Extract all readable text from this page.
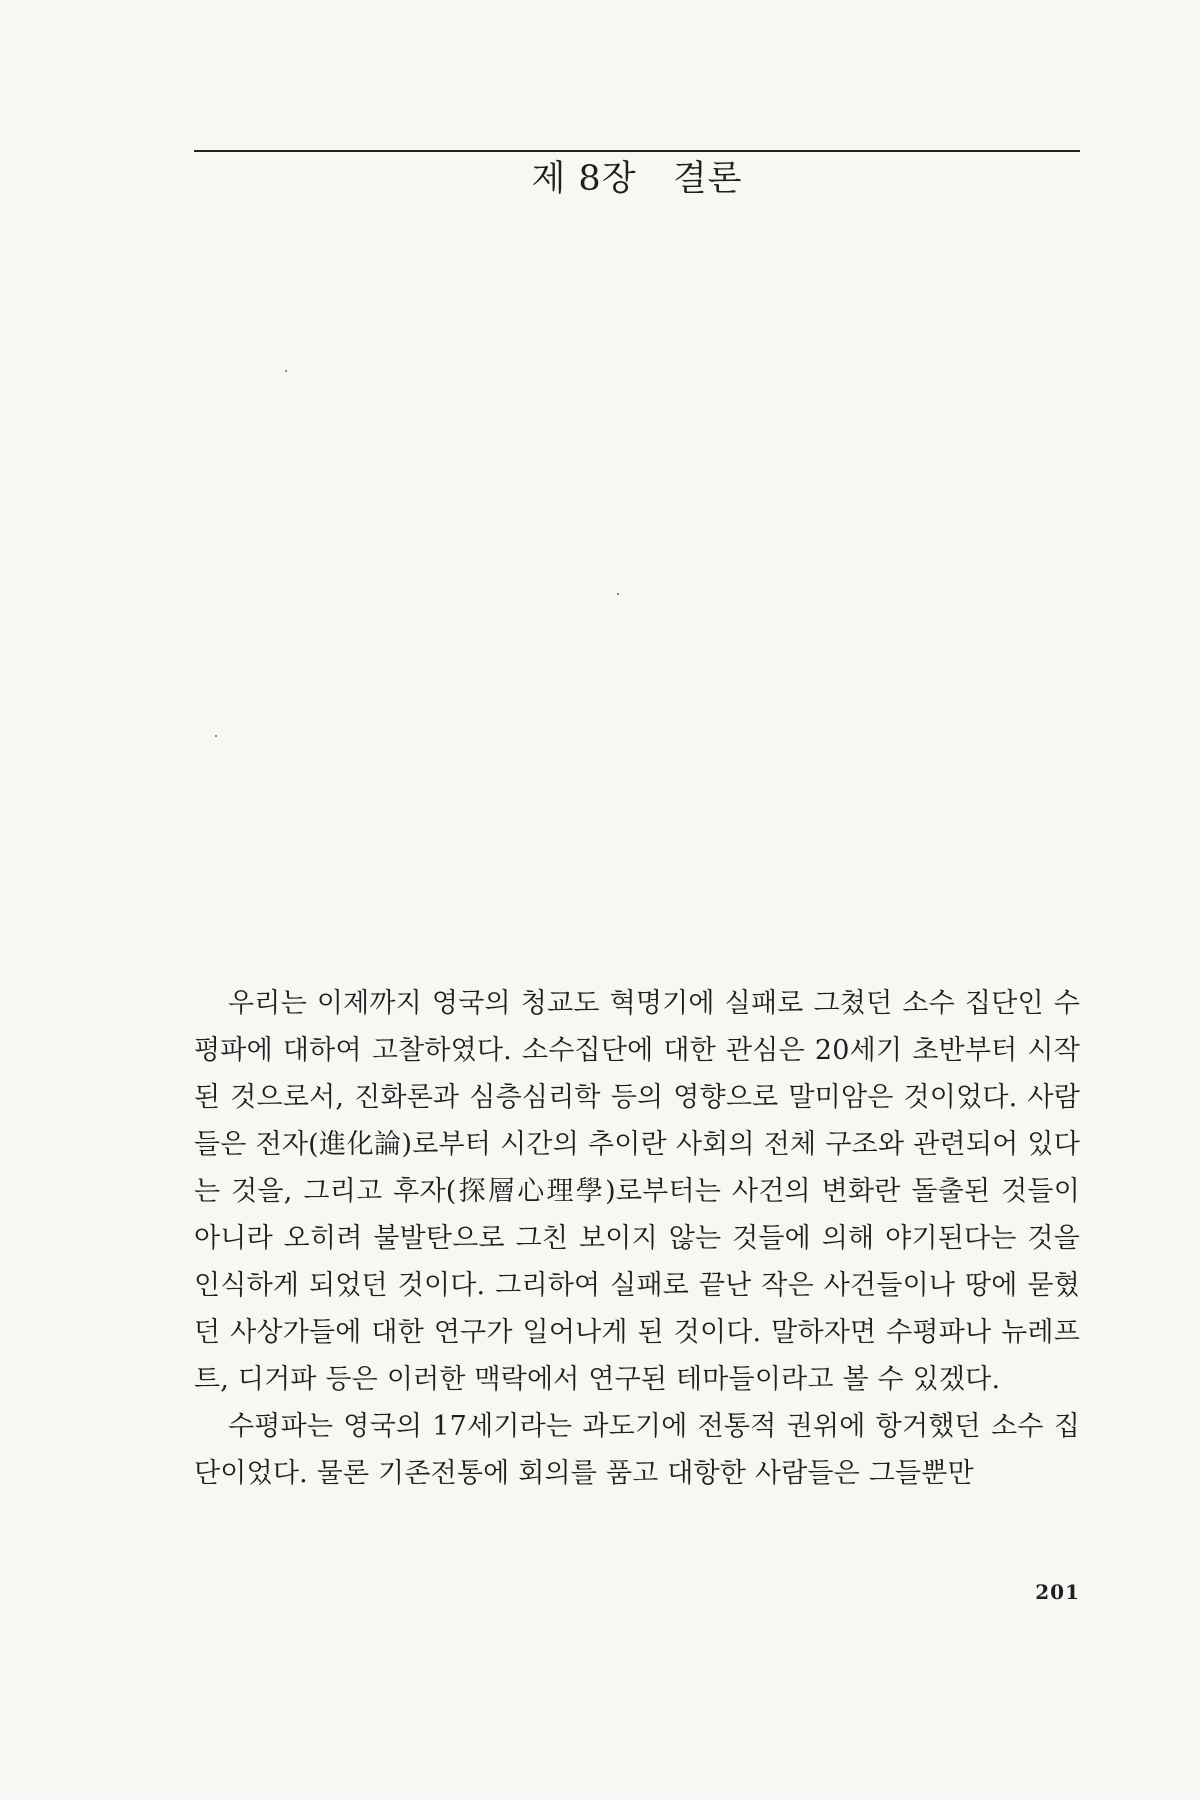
제 8장   결론

우리는 이제까지 영국의 청교도 혁명기에 실패로 그쳤던 소수 집단인 수평파에 대하여 고찰하였다. 소수집단에 대한 관심은 20세기 초반부터 시작된 것으로서, 진화론과 심층심리학 등의 영향으로 말미암은 것이었다. 사람들은 전자(進化論)로부터 시간의 추이란 사회의 전체 구조와 관련되어 있다는 것을, 그리고 후자(探層心理學)로부터는 사건의 변화란 돌출된 것들이 아니라 오히려 불발탄으로 그친 보이지 않는 것들에 의해 야기된다는 것을 인식하게 되었던 것이다. 그리하여 실패로 끝난 작은 사건들이나 땅에 묻혔던 사상가들에 대한 연구가 일어나게 된 것이다. 말하자면 수평파나 뉴레프트, 디거파 등은 이러한 맥락에서 연구된 테마들이라고 볼 수 있겠다.

수평파는 영국의 17세기라는 과도기에 전통적 권위에 항거했던 소수 집단이었다. 물론 기존전통에 회의를 품고 대항한 사람들은 그들뿐만

201
